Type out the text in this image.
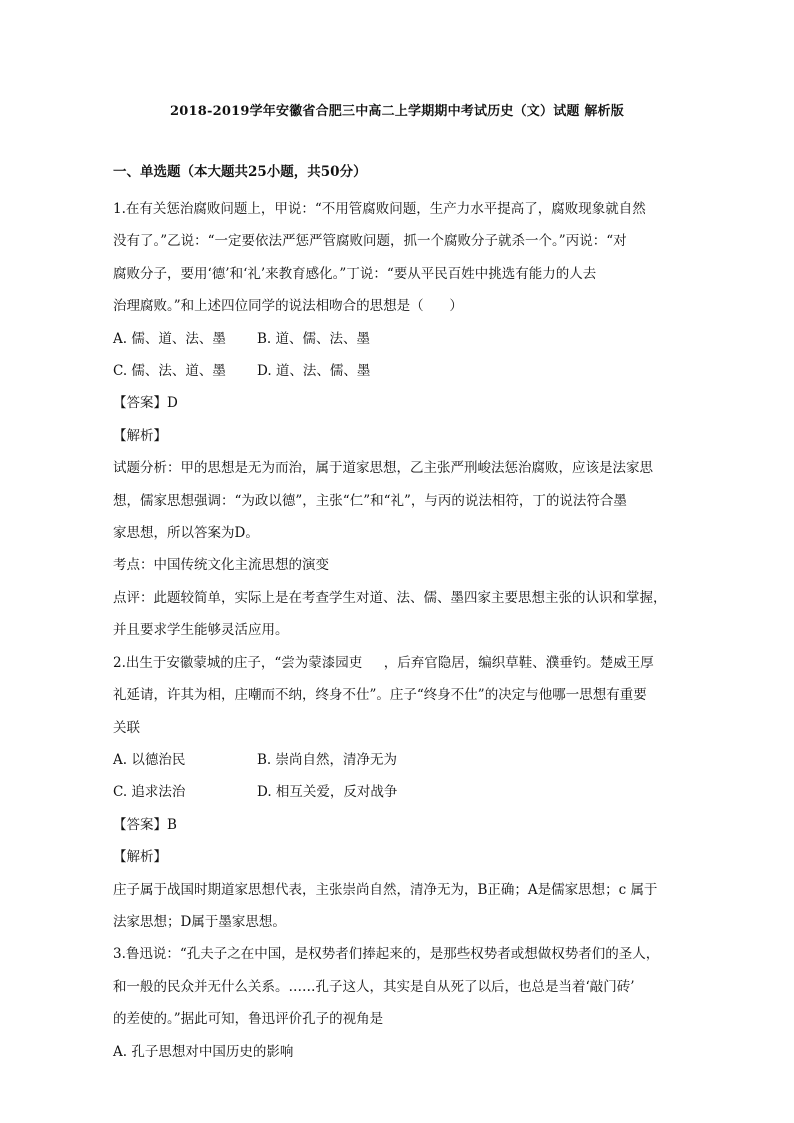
2018-2019学年安徽省合肥三中高二上学期期中考试历史（文）试题 解析版
一、单选题（本大题共25小题，共50分）

1.在有关惩治腐败问题上，甲说：“不用管腐败问题，生产力水平提高了，腐败现象就自然

没有了。”乙说：“一定要依法严惩严管腐败问题，抓一个腐败分子就杀一个。”丙说：“对

腐败分子，要用‘德’和‘礼’来教育感化。”丁说：“要从平民百姓中挑选有能力的人去

治理腐败。”和上述四位同学的说法相吻合的思想是（      ）

A. 儒、道、法、墨	B. 道、儒、法、墨
C. 儒、法、道、墨	D. 道、法、儒、墨

【答案】D

【解析】

试题分析：甲的思想是无为而治，属于道家思想，乙主张严刑峻法惩治腐败，应该是法家思

想，儒家思想强调：“为政以德”，主张“仁”和“礼”，与丙的说法相符，丁的说法符合墨

家思想，所以答案为D。

考点：中国传统文化主流思想的演变

点评：此题较简单，实际上是在考查学生对道、法、儒、墨四家主要思想主张的认识和掌握，

并且要求学生能够灵活应用。

2.出生于安徽蒙城的庄子，“尝为蒙漆园吏     ，后弃官隐居，编织草鞋、濮垂钓。楚威王厚

礼延请，许其为相，庄嘲而不纳，终身不仕”。庄子“终身不仕”的决定与他哪一思想有重要

关联

A. 以德治民	B. 崇尚自然，清净无为
C. 追求法治	D. 相互关爱，反对战争

【答案】B

【解析】

庄子属于战国时期道家思想代表，主张崇尚自然，清净无为，B正确；A是儒家思想；c 属于

法家思想；D属于墨家思想。

3.鲁迅说：“孔夫子之在中国，是权势者们捧起来的，是那些权势者或想做权势者们的圣人，

和一般的民众并无什么关系。……孔子这人，其实是自从死了以后，也总是当着‘敲门砖’

的差使的。”据此可知，鲁迅评价孔子的视角是

A. 孔子思想对中国历史的影响
